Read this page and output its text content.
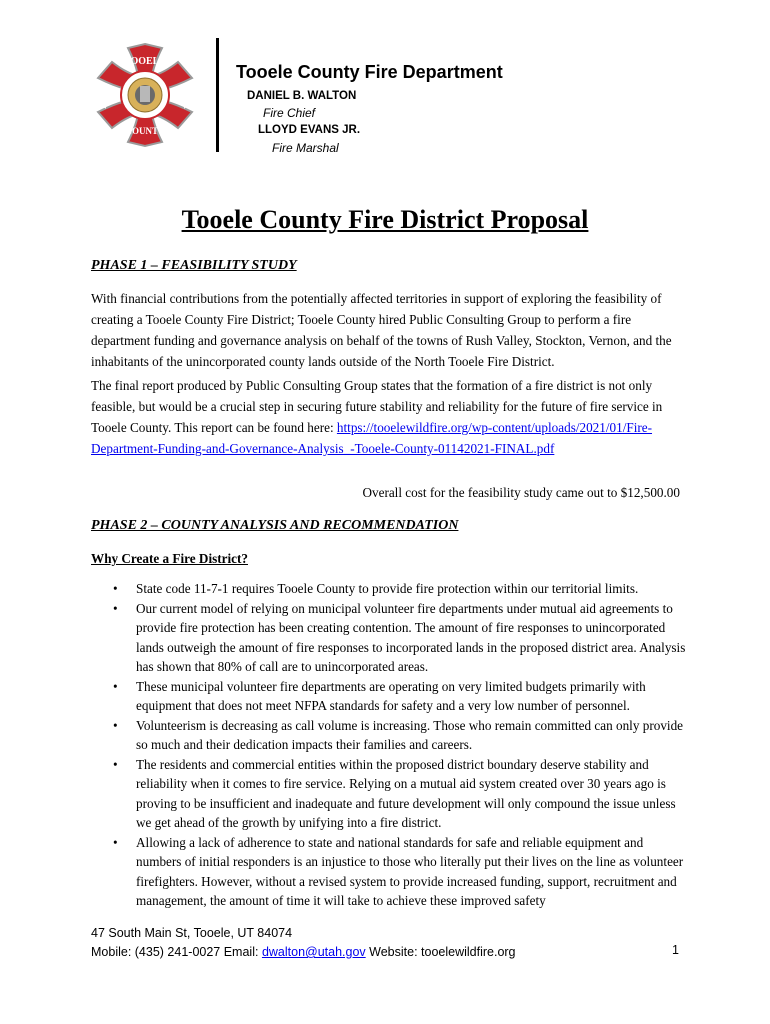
TOOELE
FIRE	DEPT
COUNTY
Tooele County Fire Department
DANIEL B. WALTON
Fire Chief
LLOYD EVANS JR.
Fire Marshal
Tooele County Fire District Proposal
PHASE 1 – FEASIBILITY STUDY
With financial contributions from the potentially affected territories in support of exploring the feasibility of creating a Tooele County Fire District; Tooele County hired Public Consulting Group to perform a fire department funding and governance analysis on behalf of the towns of Rush Valley, Stockton, Vernon, and the inhabitants of the unincorporated county lands outside of the North Tooele Fire District.
The final report produced by Public Consulting Group states that the formation of a fire district is not only feasible, but would be a crucial step in securing future stability and reliability for the future of fire service in Tooele County. This report can be found here: https://tooelewildfire.org/wp-content/uploads/2021/01/Fire-Department-Funding-and-Governance-Analysis_-Tooele-County-01142021-FINAL.pdf
Overall cost for the feasibility study came out to $12,500.00
PHASE 2 – COUNTY ANALYSIS AND RECOMMENDATION
Why Create a Fire District?
• State code 11-7-1 requires Tooele County to provide fire protection within our territorial limits.
• Our current model of relying on municipal volunteer fire departments under mutual aid agreements to provide fire protection has been creating contention. The amount of fire responses to unincorporated lands outweigh the amount of fire responses to incorporated lands in the proposed district area. Analysis has shown that 80% of call are to unincorporated areas.
• These municipal volunteer fire departments are operating on very limited budgets primarily with equipment that does not meet NFPA standards for safety and a very low number of personnel.
• Volunteerism is decreasing as call volume is increasing. Those who remain committed can only provide so much and their dedication impacts their families and careers.
• The residents and commercial entities within the proposed district boundary deserve stability and reliability when it comes to fire service. Relying on a mutual aid system created over 30 years ago is proving to be insufficient and inadequate and future development will only compound the issue unless we get ahead of the growth by unifying into a fire district.
• Allowing a lack of adherence to state and national standards for safe and reliable equipment and numbers of initial responders is an injustice to those who literally put their lives on the line as volunteer firefighters. However, without a revised system to provide increased funding, support, recruitment and management, the amount of time it will take to achieve these improved safety
47 South Main St, Tooele, UT 84074
Mobile: (435) 241-0027 Email: dwalton@utah.gov Website: tooelewildfire.org	1
